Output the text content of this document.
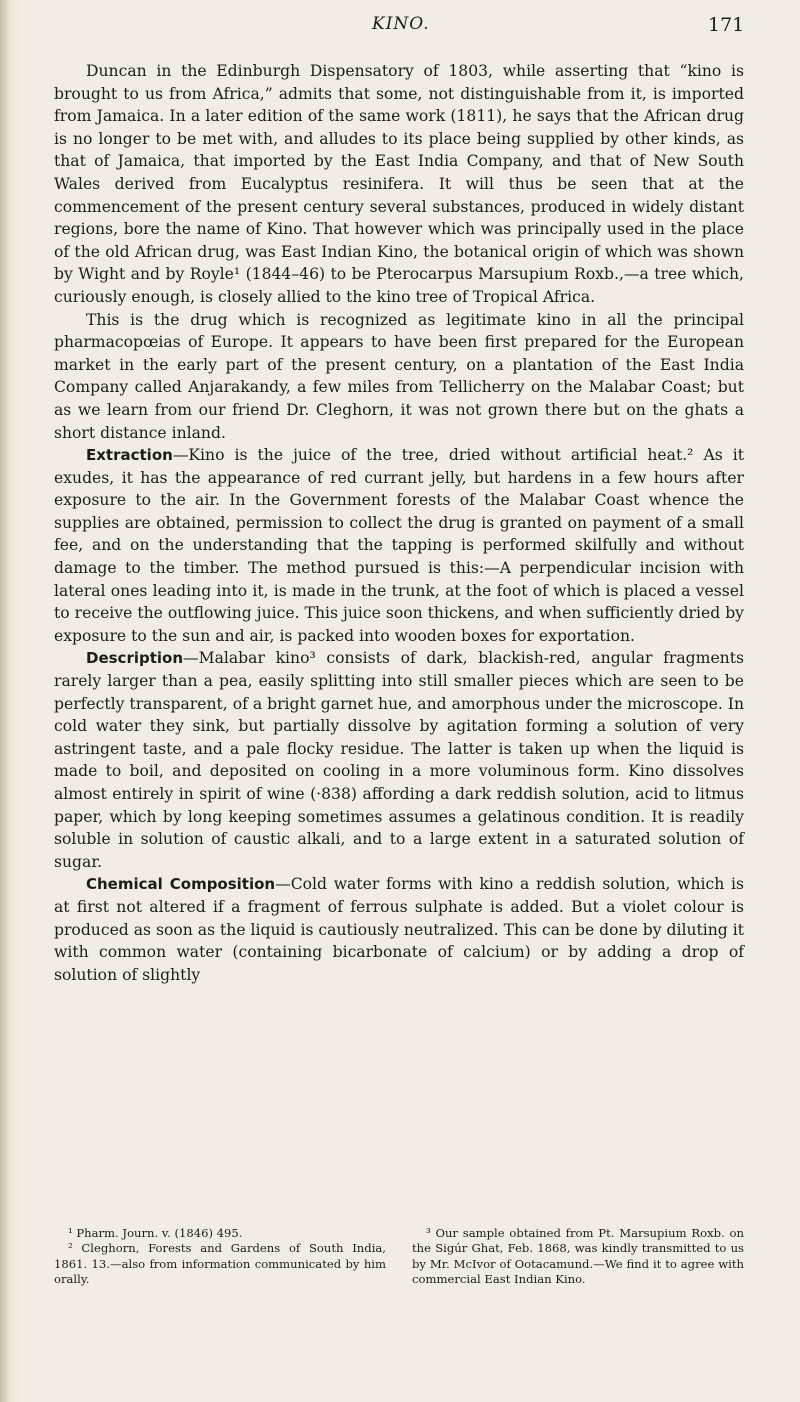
KINO.	171

Duncan in the Edinburgh Dispensatory of 1803, while asserting that “kino is brought to us from Africa,” admits that some, not distinguishable from it, is imported from Jamaica. In a later edition of the same work (1811), he says that the African drug is no longer to be met with, and alludes to its place being supplied by other kinds, as that of Jamaica, that imported by the East India Company, and that of New South Wales derived from Eucalyptus resinifera. It will thus be seen that at the commencement of the present century several substances, produced in widely distant regions, bore the name of Kino. That however which was principally used in the place of the old African drug, was East Indian Kino, the botanical origin of which was shown by Wight and by Royle¹ (1844–46) to be Pterocarpus Marsupium Roxb.,—a tree which, curiously enough, is closely allied to the kino tree of Tropical Africa.

This is the drug which is recognized as legitimate kino in all the principal pharmacopœias of Europe. It appears to have been first prepared for the European market in the early part of the present century, on a plantation of the East India Company called Anjarakandy, a few miles from Tellicherry on the Malabar Coast; but as we learn from our friend Dr. Cleghorn, it was not grown there but on the ghats a short distance inland.

Extraction—Kino is the juice of the tree, dried without artificial heat.² As it exudes, it has the appearance of red currant jelly, but hardens in a few hours after exposure to the air. In the Government forests of the Malabar Coast whence the supplies are obtained, permission to collect the drug is granted on payment of a small fee, and on the understanding that the tapping is performed skilfully and without damage to the timber. The method pursued is this:—A perpendicular incision with lateral ones leading into it, is made in the trunk, at the foot of which is placed a vessel to receive the outflowing juice. This juice soon thickens, and when sufficiently dried by exposure to the sun and air, is packed into wooden boxes for exportation.

Description—Malabar kino³ consists of dark, blackish-red, angular fragments rarely larger than a pea, easily splitting into still smaller pieces which are seen to be perfectly transparent, of a bright garnet hue, and amorphous under the microscope. In cold water they sink, but partially dissolve by agitation forming a solution of very astringent taste, and a pale flocky residue. The latter is taken up when the liquid is made to boil, and deposited on cooling in a more voluminous form. Kino dissolves almost entirely in spirit of wine (·838) affording a dark reddish solution, acid to litmus paper, which by long keeping sometimes assumes a gelatinous condition. It is readily soluble in solution of caustic alkali, and to a large extent in a saturated solution of sugar.

Chemical Composition—Cold water forms with kino a reddish solution, which is at first not altered if a fragment of ferrous sulphate is added. But a violet colour is produced as soon as the liquid is cautiously neutralized. This can be done by diluting it with common water (containing bicarbonate of calcium) or by adding a drop of solution of slightly

¹ Pharm. Journ. v. (1846) 495.

² Cleghorn, Forests and Gardens of South India, 1861. 13.—also from information communicated by him orally.

³ Our sample obtained from Pt. Marsupium Roxb. on the Sigúr Ghat, Feb. 1868, was kindly transmitted to us by Mr. McIvor of Ootacamund.—We find it to agree with commercial East Indian Kino.
